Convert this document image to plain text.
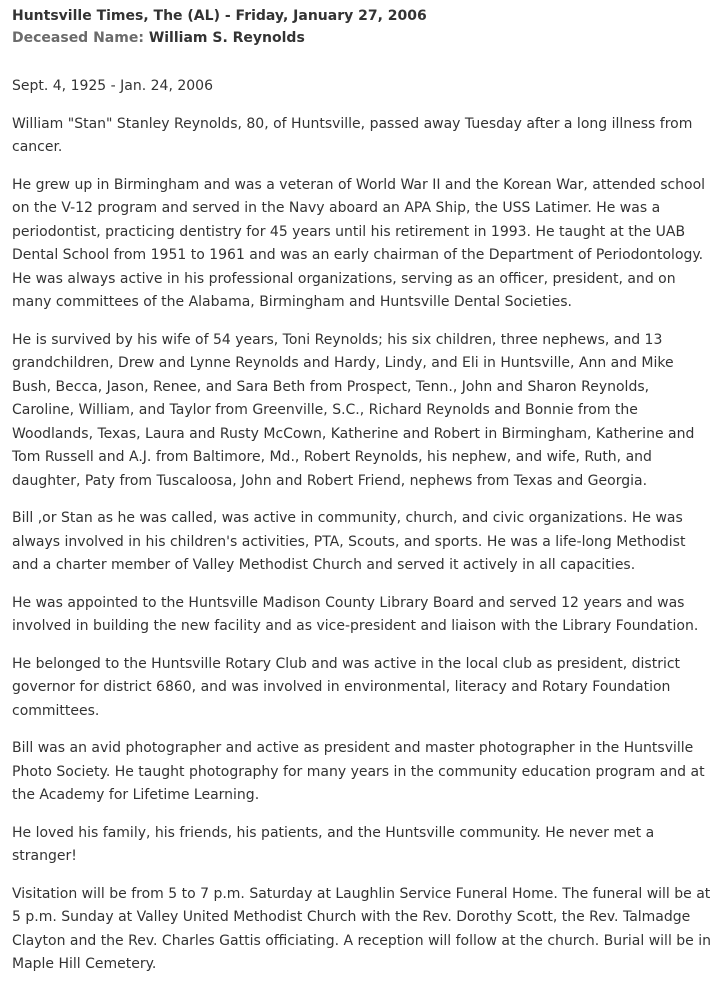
Huntsville Times, The (AL) - Friday, January 27, 2006
Deceased Name: William S. Reynolds

Sept. 4, 1925 - Jan. 24, 2006

William "Stan" Stanley Reynolds, 80, of Huntsville, passed away Tuesday after a long illness from cancer.

He grew up in Birmingham and was a veteran of World War II and the Korean War, attended school on the V-12 program and served in the Navy aboard an APA Ship, the USS Latimer. He was a periodontist, practicing dentistry for 45 years until his retirement in 1993. He taught at the UAB Dental School from 1951 to 1961 and was an early chairman of the Department of Periodontology. He was always active in his professional organizations, serving as an officer, president, and on many committees of the Alabama, Birmingham and Huntsville Dental Societies.

He is survived by his wife of 54 years, Toni Reynolds; his six children, three nephews, and 13 grandchildren, Drew and Lynne Reynolds and Hardy, Lindy, and Eli in Huntsville, Ann and Mike Bush, Becca, Jason, Renee, and Sara Beth from Prospect, Tenn., John and Sharon Reynolds, Caroline, William, and Taylor from Greenville, S.C., Richard Reynolds and Bonnie from the Woodlands, Texas, Laura and Rusty McCown, Katherine and Robert in Birmingham, Katherine and Tom Russell and A.J. from Baltimore, Md., Robert Reynolds, his nephew, and wife, Ruth, and daughter, Paty from Tuscaloosa, John and Robert Friend, nephews from Texas and Georgia.

Bill ,or Stan as he was called, was active in community, church, and civic organizations. He was always involved in his children's activities, PTA, Scouts, and sports. He was a life-long Methodist and a charter member of Valley Methodist Church and served it actively in all capacities.

He was appointed to the Huntsville Madison County Library Board and served 12 years and was involved in building the new facility and as vice-president and liaison with the Library Foundation.

He belonged to the Huntsville Rotary Club and was active in the local club as president, district governor for district 6860, and was involved in environmental, literacy and Rotary Foundation committees.

Bill was an avid photographer and active as president and master photographer in the Huntsville Photo Society. He taught photography for many years in the community education program and at the Academy for Lifetime Learning.

He loved his family, his friends, his patients, and the Huntsville community. He never met a stranger!

Visitation will be from 5 to 7 p.m. Saturday at Laughlin Service Funeral Home. The funeral will be at 5 p.m. Sunday at Valley United Methodist Church with the Rev. Dorothy Scott, the Rev. Talmadge Clayton and the Rev. Charles Gattis officiating. A reception will follow at the church. Burial will be in Maple Hill Cemetery.
